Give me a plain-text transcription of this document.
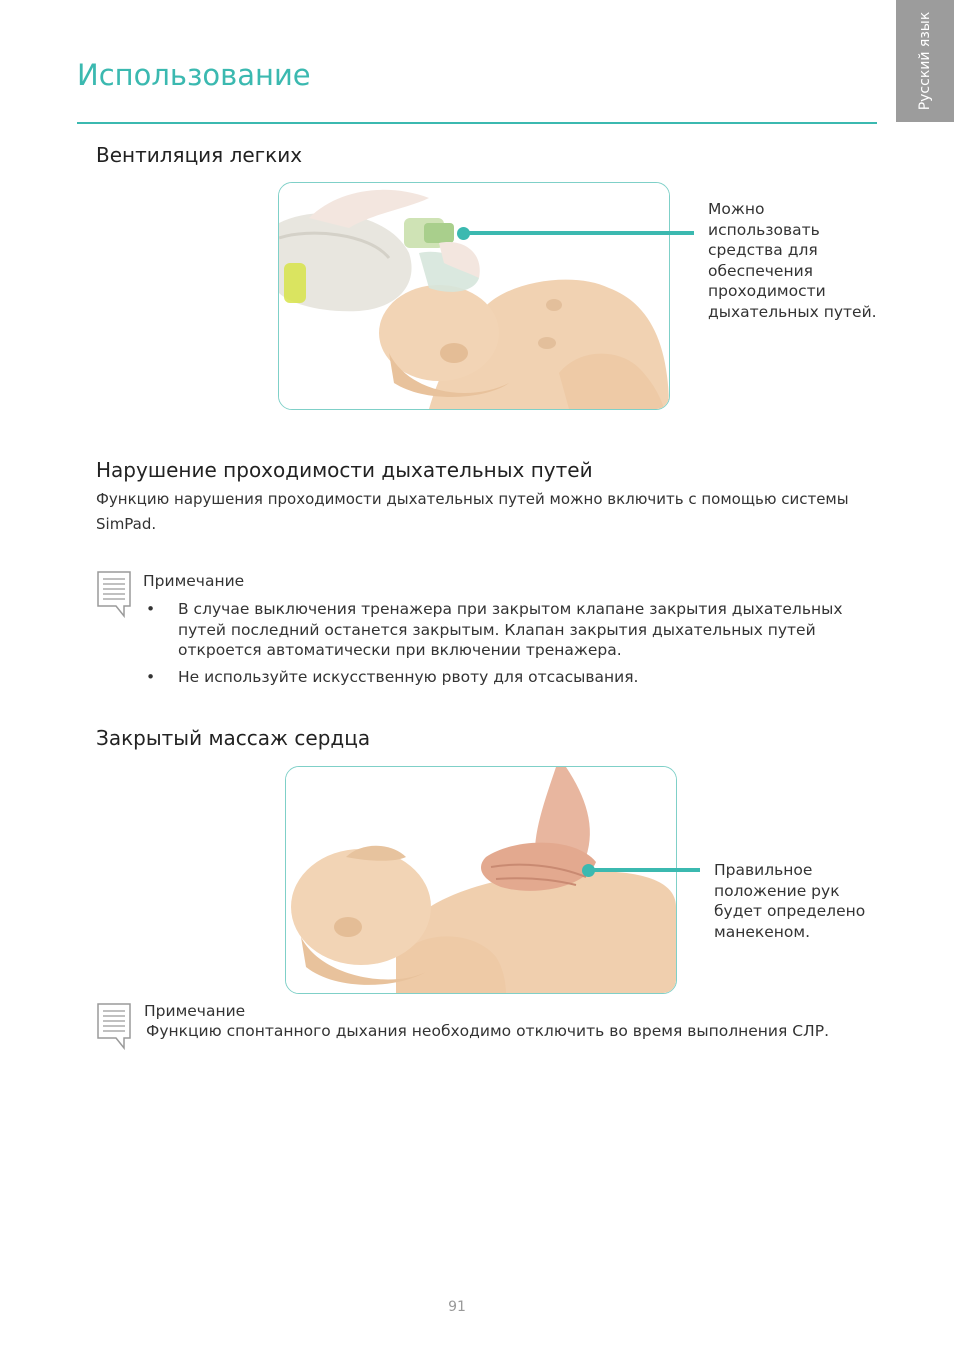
Русский язык
Использование
Вентиляция легких
Можно использовать средства для обеспечения проходимости дыхательных путей.
Нарушение проходимости дыхательных путей
Функцию нарушения проходимости дыхательных путей можно включить с помощью системы SimPad.
Примечание
• В случае выключения тренажера при закрытом клапане закрытия дыхательных путей последний останется закрытым. Клапан закрытия дыхательных путей откроется автоматически при включении тренажера.
• Не используйте искусственную рвоту для отсасывания.
Закрытый массаж сердца
Правильное положение рук будет определено манекеном.
Примечание
Функцию спонтанного дыхания необходимо отключить во время выполнения СЛР.
91
